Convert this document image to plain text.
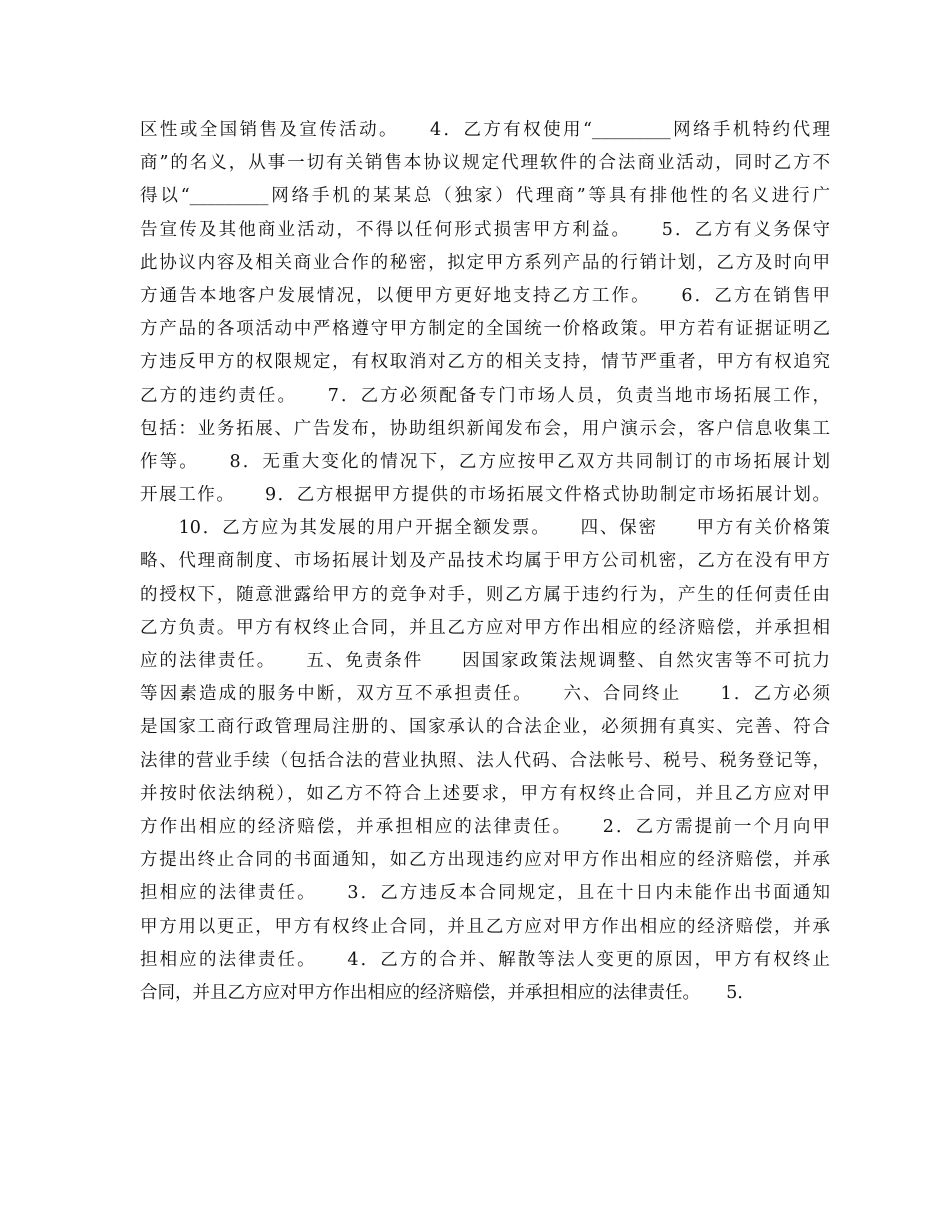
区性或全国销售及宣传活动。　　4．乙方有权使用“_________网络手机特约代理
商”的名义，从事一切有关销售本协议规定代理软件的合法商业活动，同时乙方不
得以“_________网络手机的某某总（独家）代理商”等具有排他性的名义进行广
告宣传及其他商业活动，不得以任何形式损害甲方利益。　　5．乙方有义务保守
此协议内容及相关商业合作的秘密，拟定甲方系列产品的行销计划，乙方及时向甲
方通告本地客户发展情况，以便甲方更好地支持乙方工作。　　6．乙方在销售甲
方产品的各项活动中严格遵守甲方制定的全国统一价格政策。甲方若有证据证明乙
方违反甲方的权限规定，有权取消对乙方的相关支持，情节严重者，甲方有权追究
乙方的违约责任。　　7．乙方必须配备专门市场人员，负责当地市场拓展工作，
包括：业务拓展、广告发布，协助组织新闻发布会，用户演示会，客户信息收集工
作等。　　8．无重大变化的情况下，乙方应按甲乙双方共同制订的市场拓展计划
开展工作。　　9．乙方根据甲方提供的市场拓展文件格式协助制定市场拓展计划。
　　10．乙方应为其发展的用户开据全额发票。　　四、保密　　甲方有关价格策
略、代理商制度、市场拓展计划及产品技术均属于甲方公司机密，乙方在没有甲方
的授权下，随意泄露给甲方的竞争对手，则乙方属于违约行为，产生的任何责任由
乙方负责。甲方有权终止合同，并且乙方应对甲方作出相应的经济赔偿，并承担相
应的法律责任。　　五、免责条件　　因国家政策法规调整、自然灾害等不可抗力
等因素造成的服务中断，双方互不承担责任。　　六、合同终止　　1．乙方必须
是国家工商行政管理局注册的、国家承认的合法企业，必须拥有真实、完善、符合
法律的营业手续（包括合法的营业执照、法人代码、合法帐号、税号、税务登记等，
并按时依法纳税），如乙方不符合上述要求，甲方有权终止合同，并且乙方应对甲
方作出相应的经济赔偿，并承担相应的法律责任。　　2．乙方需提前一个月向甲
方提出终止合同的书面通知，如乙方出现违约应对甲方作出相应的经济赔偿，并承
担相应的法律责任。　　3．乙方违反本合同规定，且在十日内未能作出书面通知
甲方用以更正，甲方有权终止合同，并且乙方应对甲方作出相应的经济赔偿，并承
担相应的法律责任。　　4．乙方的合并、解散等法人变更的原因，甲方有权终止
合同，并且乙方应对甲方作出相应的经济赔偿，并承担相应的法律责任。　　5．
